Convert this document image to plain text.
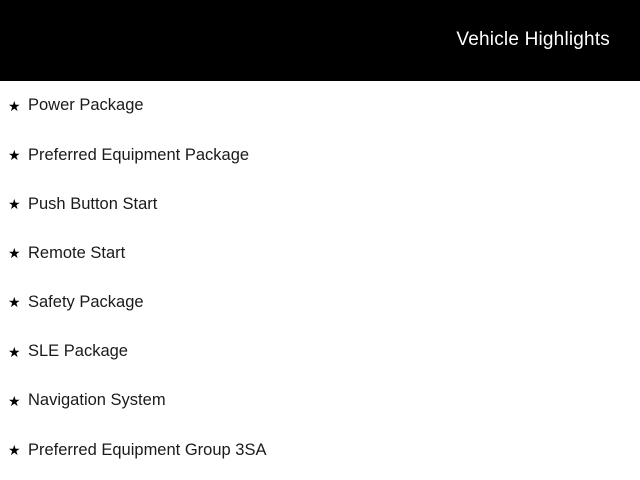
Vehicle Highlights
★ Power Package
★ Preferred Equipment Package
★ Push Button Start
★ Remote Start
★ Safety Package
★ SLE Package
★ Navigation System
★ Preferred Equipment Group 3SA
